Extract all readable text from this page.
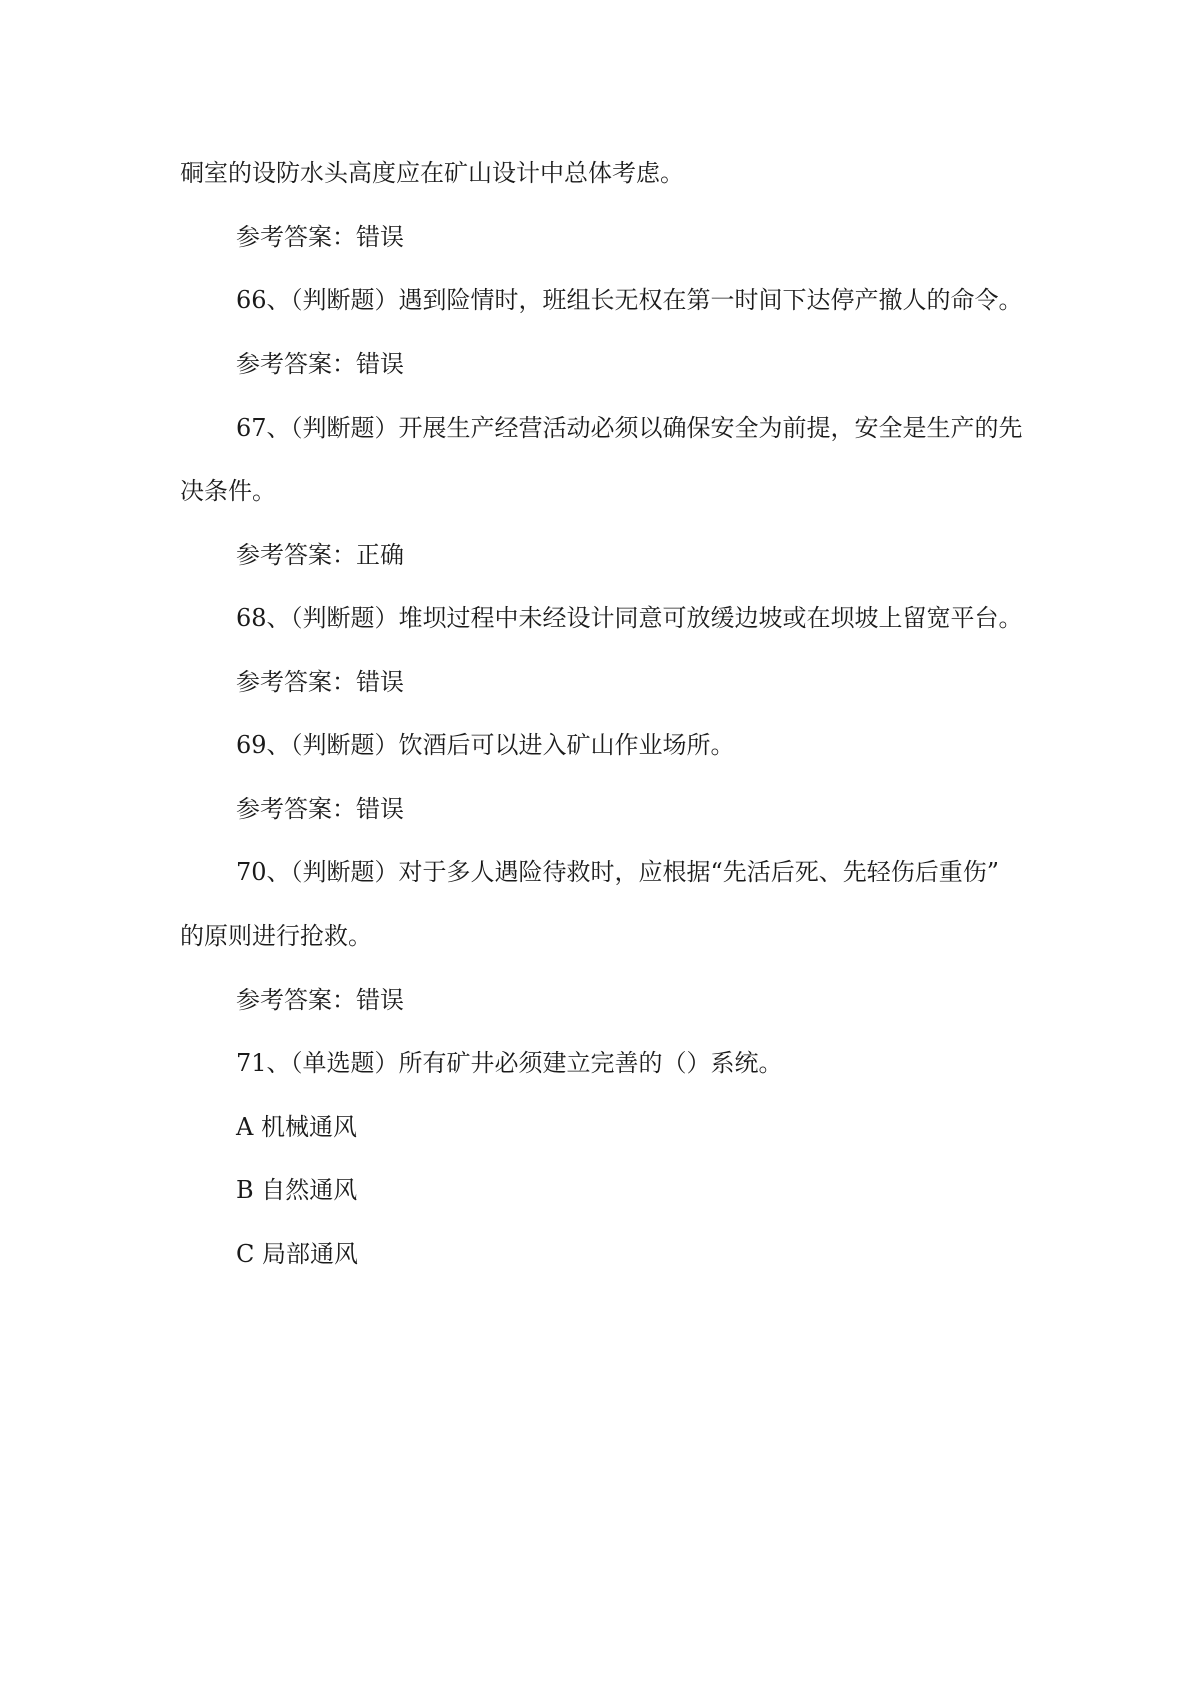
硐室的设防水头高度应在矿山设计中总体考虑。
参考答案：错误
66、（判断题）遇到险情时，班组长无权在第一时间下达停产撤人的命令。
参考答案：错误
67、（判断题）开展生产经营活动必须以确保安全为前提，安全是生产的先
决条件。
参考答案：正确
68、（判断题）堆坝过程中未经设计同意可放缓边坡或在坝坡上留宽平台。
参考答案：错误
69、（判断题）饮酒后可以进入矿山作业场所。
参考答案：错误
70、（判断题）对于多人遇险待救时，应根据“先活后死、先轻伤后重伤”
的原则进行抢救。
参考答案：错误
71、（单选题）所有矿井必须建立完善的（）系统。
A 机械通风
B 自然通风
C 局部通风
